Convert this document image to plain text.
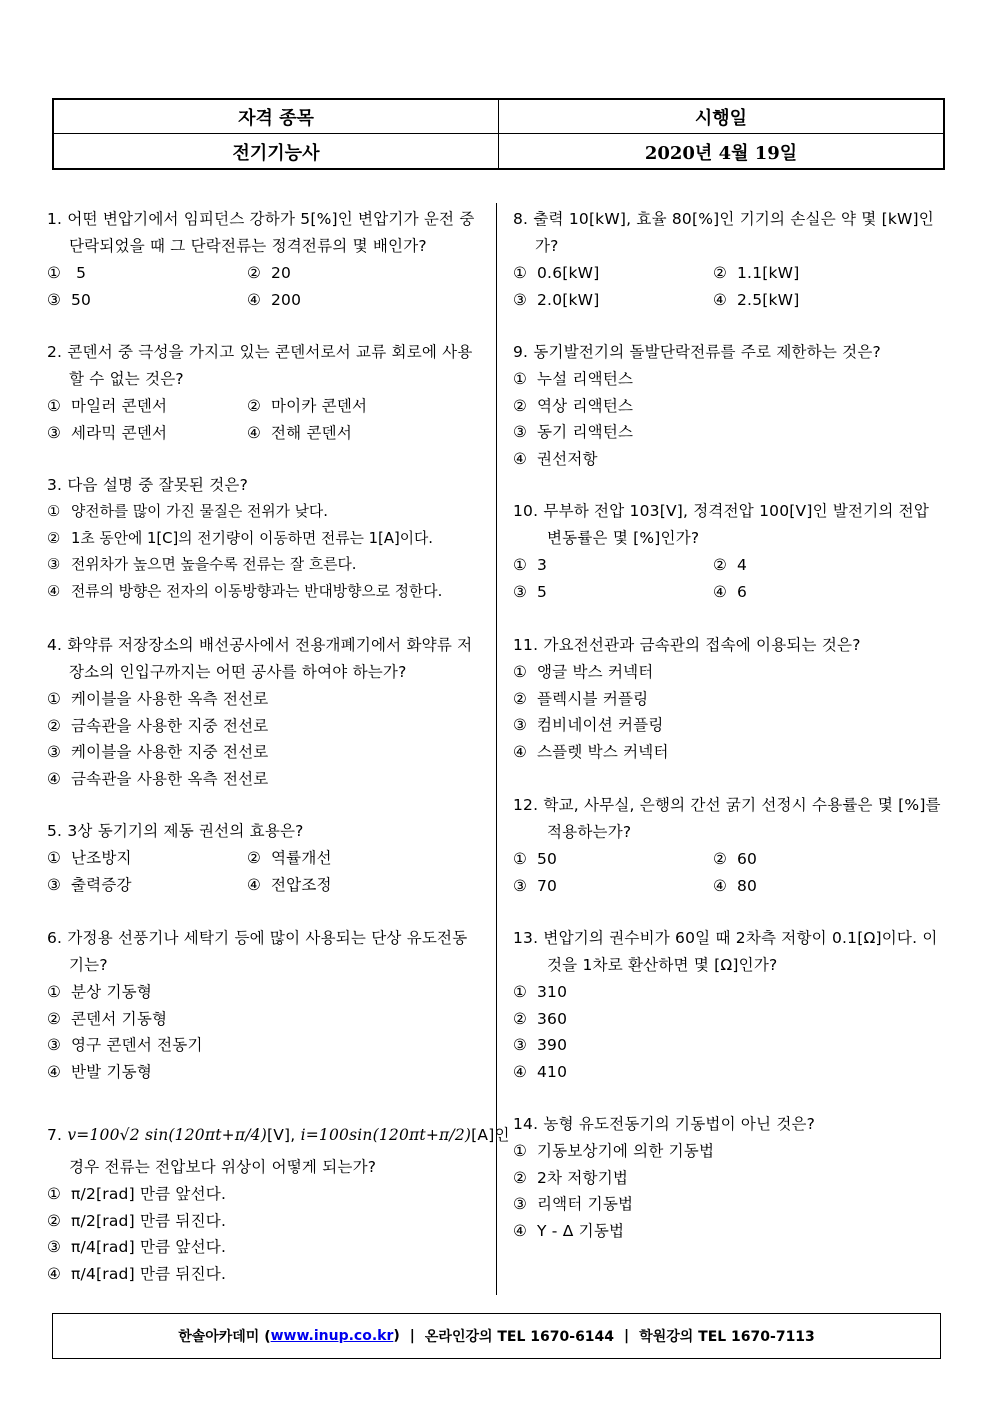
자격 종목	시행일
전기기능사	2020년 4월 19일
1. 어떤 변압기에서 임피던스 강하가 5[%]인 변압기가 운전 중 단락되었을 때 그 단락전류는 정격전류의 몇 배인가?
① 5	② 20
③ 50	④ 200
2. 콘덴서 중 극성을 가지고 있는 콘덴서로서 교류 회로에 사용할 수 없는 것은?
① 마일러 콘덴서	② 마이카 콘덴서
③ 세라믹 콘덴서	④ 전해 콘덴서
3. 다음 설명 중 잘못된 것은?
① 양전하를 많이 가진 물질은 전위가 낮다.
② 1초 동안에 1[C]의 전기량이 이동하면 전류는 1[A]이다.
③ 전위차가 높으면 높을수록 전류는 잘 흐른다.
④ 전류의 방향은 전자의 이동방향과는 반대방향으로 정한다.
4. 화약류 저장장소의 배선공사에서 전용개폐기에서 화약류 저장소의 인입구까지는 어떤 공사를 하여야 하는가?
① 케이블을 사용한 옥측 전선로
② 금속관을 사용한 지중 전선로
③ 케이블을 사용한 지중 전선로
④ 금속관을 사용한 옥측 전선로
5. 3상 동기기의 제동 권선의 효용은?
① 난조방지	② 역률개선
③ 출력증강	④ 전압조정
6. 가정용 선풍기나 세탁기 등에 많이 사용되는 단상 유도전동기는?
① 분상 기동형
② 콘덴서 기동형
③ 영구 콘덴서 전동기
④ 반발 기동형
7. v=100√2 sin(120πt+π/4)[V], i=100sin(120πt+π/2)[A]인
경우 전류는 전압보다 위상이 어떻게 되는가?
① π/2[rad] 만큼 앞선다.
② π/2[rad] 만큼 뒤진다.
③ π/4[rad] 만큼 앞선다.
④ π/4[rad] 만큼 뒤진다.
8. 출력 10[kW], 효율 80[%]인 기기의 손실은 약 몇 [kW]인가?
① 0.6[kW]	② 1.1[kW]
③ 2.0[kW]	④ 2.5[kW]
9. 동기발전기의 돌발단락전류를 주로 제한하는 것은?
① 누설 리액턴스
② 역상 리액턴스
③ 동기 리액턴스
④ 권선저항
10. 무부하 전압 103[V], 정격전압 100[V]인 발전기의 전압 변동률은 몇 [%]인가?
① 3	② 4
③ 5	④ 6
11. 가요전선관과 금속관의 접속에 이용되는 것은?
① 앵글 박스 커넥터
② 플렉시블 커플링
③ 컴비네이션 커플링
④ 스플렛 박스 커넥터
12. 학교, 사무실, 은행의 간선 굵기 선정시 수용률은 몇 [%]를 적용하는가?
① 50	② 60
③ 70	④ 80
13. 변압기의 권수비가 60일 때 2차측 저항이 0.1[Ω]이다. 이것을 1차로 환산하면 몇 [Ω]인가?
① 310
② 360
③ 390
④ 410
14. 농형 유도전동기의 기동법이 아닌 것은?
① 기동보상기에 의한 기동법
② 2차 저항기법
③ 리액터 기동법
④ Y - Δ 기동법
한솔아카데미 ( www.inup.co.kr ) | 온라인강의 TEL 1670-6144 | 학원강의 TEL 1670-7113
